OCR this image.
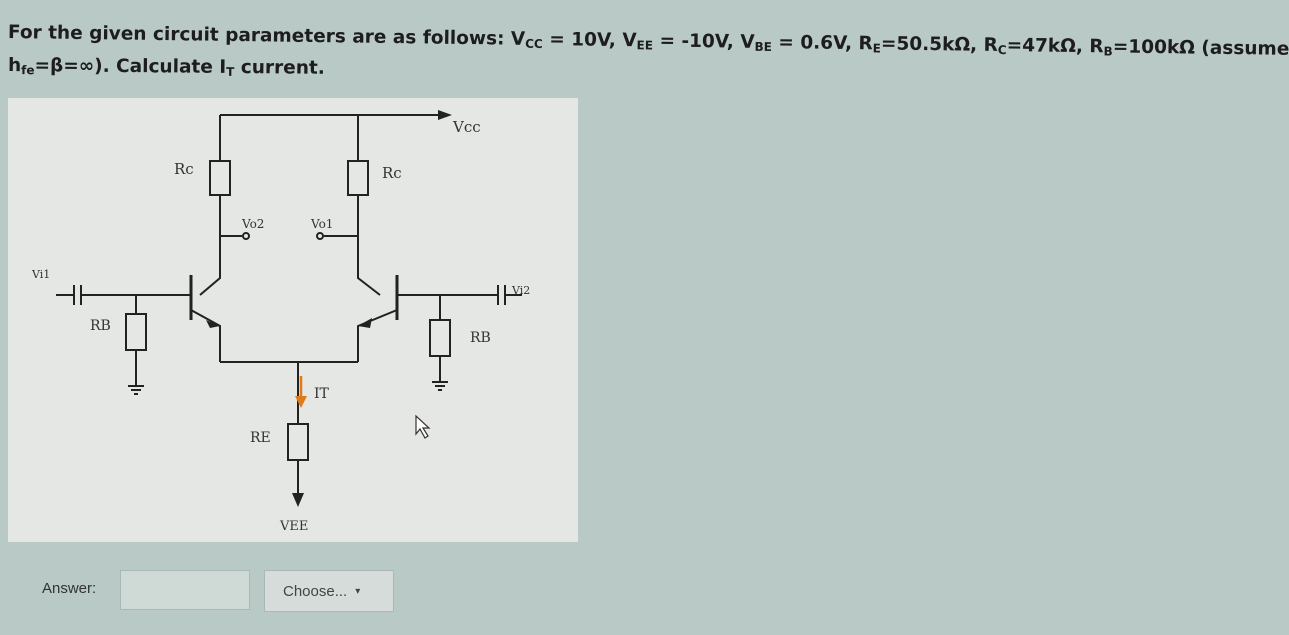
For the given circuit parameters are as follows: $V_{CC} = 10V$, $V_{EE} = -10V$, $V_{BE} = 0.6V$, $R_E=50.5k\Omega$, $R_C=47k\Omega$, $R_B=100k\Omega$ (assume
$h_{fe}=\beta=\infty$). Calculate $I_T$ current.
Vcc
Rc	Rc
Vo2	Vo1
Vi1
Vi2
RB
RB
IT
RE
VEE
Answer:	Choose... ▾
